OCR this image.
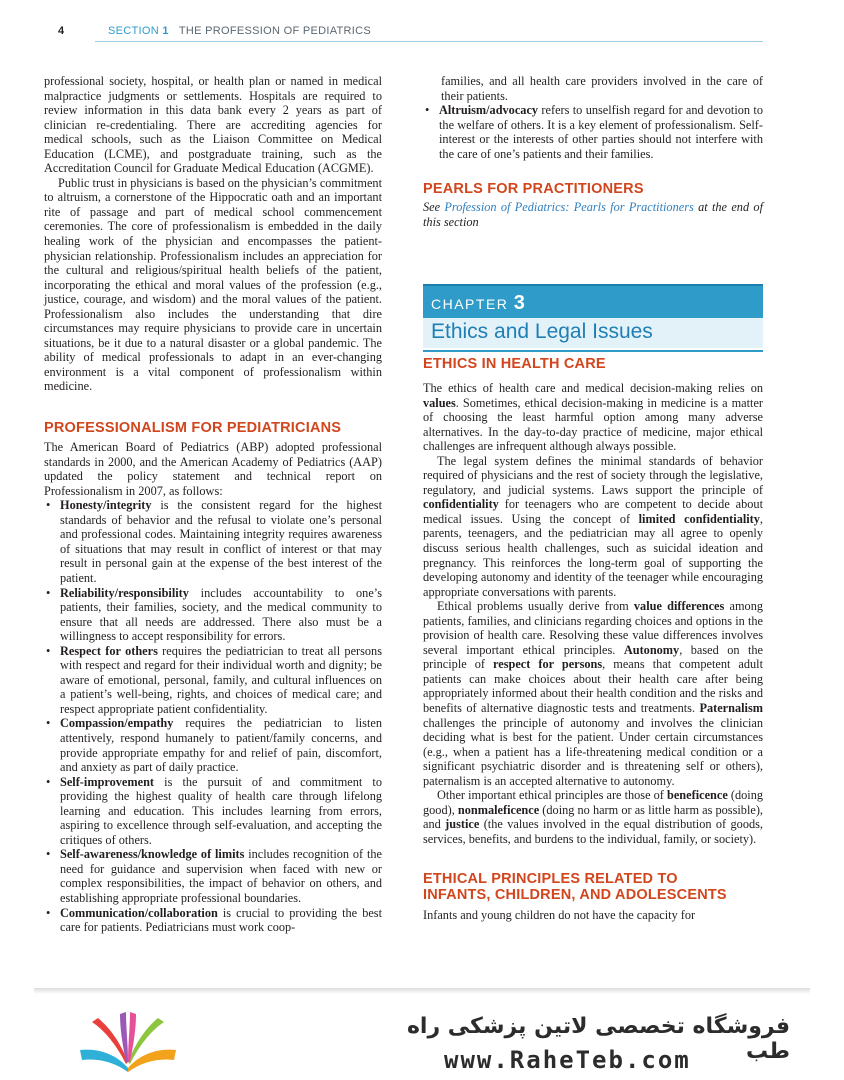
4	SECTION 1 THE PROFESSION OF PEDIATRICS

professional society, hospital, or health plan or named in medical malpractice judgments or settlements. Hospitals are required to review information in this data bank every 2 years as part of clinician re-credentialing. There are accrediting agencies for medical schools, such as the Liaison Committee on Medical Education (LCME), and postgraduate training, such as the Accreditation Council for Graduate Medical Education (ACGME).

Public trust in physicians is based on the physician’s commitment to altruism, a cornerstone of the Hippocratic oath and an important rite of passage and part of medical school commencement ceremonies. The core of professionalism is embedded in the daily healing work of the physician and encompasses the patient-physician relationship. Professionalism includes an appreciation for the cultural and religious/spiritual health beliefs of the patient, incorporating the ethical and moral values of the profession (e.g., justice, courage, and wisdom) and the moral values of the patient. Professionalism also includes the understanding that dire circumstances may require physicians to provide care in uncertain situations, be it due to a natural disaster or a global pandemic. The ability of medical professionals to adapt in an ever-changing environment is a vital component of professionalism within medicine.

PROFESSIONALISM FOR PEDIATRICIANS

The American Board of Pediatrics (ABP) adopted professional standards in 2000, and the American Academy of Pediatrics (AAP) updated the policy statement and technical report on Professionalism in 2007, as follows:

• Honesty/integrity is the consistent regard for the highest standards of behavior and the refusal to violate one’s personal and professional codes. Maintaining integrity requires awareness of situations that may result in conflict of interest or that may result in personal gain at the expense of the best interest of the patient.
• Reliability/responsibility includes accountability to one’s patients, their families, society, and the medical community to ensure that all needs are addressed. There also must be a willingness to accept responsibility for errors.
• Respect for others requires the pediatrician to treat all persons with respect and regard for their individual worth and dignity; be aware of emotional, personal, family, and cultural influences on a patient’s well-being, rights, and choices of medical care; and respect appropriate patient confidentiality.
• Compassion/empathy requires the pediatrician to listen attentively, respond humanely to patient/family concerns, and provide appropriate empathy for and relief of pain, discomfort, and anxiety as part of daily practice.
• Self-improvement is the pursuit of and commitment to providing the highest quality of health care through lifelong learning and education. This includes learning from errors, aspiring to excellence through self-evaluation, and accepting the critiques of others.
• Self-awareness/knowledge of limits includes recognition of the need for guidance and supervision when faced with new or complex responsibilities, the impact of behavior on others, and establishing appropriate professional boundaries.
• Communication/collaboration is crucial to providing the best care for patients. Pediatricians must work coop-

families, and all health care providers involved in the care of their patients.

• Altruism/advocacy refers to unselfish regard for and devotion to the welfare of others. It is a key element of professionalism. Self-interest or the interests of other parties should not interfere with the care of one’s patients and their families.
PEARLS FOR PRACTITIONERS

See Profession of Pediatrics: Pearls for Practitioners at the end of this section

CHAPTER 3
Ethics and Legal Issues
ETHICS IN HEALTH CARE

The ethics of health care and medical decision-making relies on values. Sometimes, ethical decision-making in medicine is a matter of choosing the least harmful option among many adverse alternatives. In the day-to-day practice of medicine, major ethical challenges are infrequent although always possible.

The legal system defines the minimal standards of behavior required of physicians and the rest of society through the legislative, regulatory, and judicial systems. Laws support the principle of confidentiality for teenagers who are competent to decide about medical issues. Using the concept of limited confidentiality, parents, teenagers, and the pediatrician may all agree to openly discuss serious health challenges, such as suicidal ideation and pregnancy. This reinforces the long-term goal of supporting the developing autonomy and identity of the teenager while encouraging appropriate conversations with parents.

Ethical problems usually derive from value differences among patients, families, and clinicians regarding choices and options in the provision of health care. Resolving these value differences involves several important ethical principles. Autonomy, based on the principle of respect for persons, means that competent adult patients can make choices about their health care after being appropriately informed about their health condition and the risks and benefits of alternative diagnostic tests and treatments. Paternalism challenges the principle of autonomy and involves the clinician deciding what is best for the patient. Under certain circumstances (e.g., when a patient has a life-threatening medical condition or a significant psychiatric disorder and is threatening self or others), paternalism is an accepted alternative to autonomy.

Other important ethical principles are those of beneficence (doing good), nonmaleficence (doing no harm or as little harm as possible), and justice (the values involved in the equal distribution of goods, services, benefits, and burdens to the individual, family, or society).

ETHICAL PRINCIPLES RELATED TO
INFANTS, CHILDREN, AND ADOLESCENTS

Infants and young children do not have the capacity for

فروشگاه تخصصی لاتین پزشکی راه طب
www.RaheTeb.com
